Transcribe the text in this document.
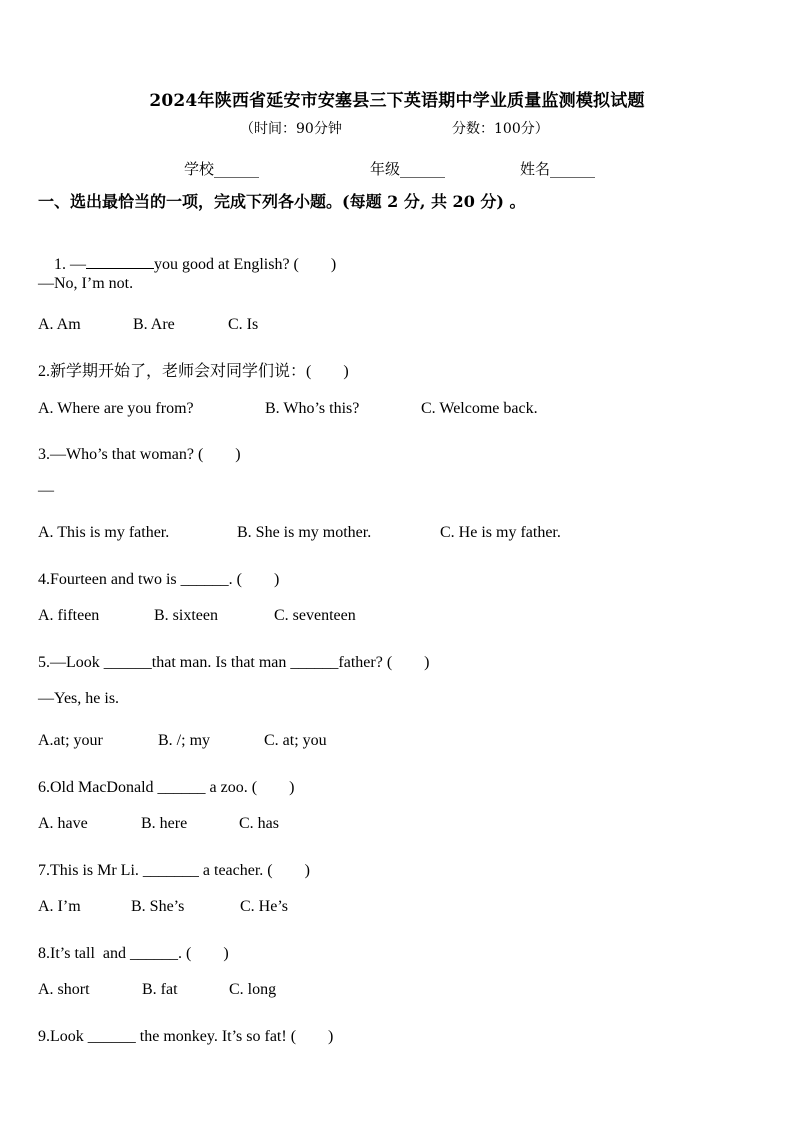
2024年陕西省延安市安塞县三下英语期中学业质量监测模拟试题
（时间：90分钟	分数：100分）
学校______	年级______	姓名______
一、选出最恰当的一项，完成下列各小题。(每题 2 分, 共 20 分) 。

1. —	you good at English? (　　)

—No, I’m not.
A. Am	B. Are	C. Is
2.新学期开始了，老师会对同学们说：(　　)
A. Where are you from?	B. Who’s this?	C. Welcome back.
3.—Who’s that woman? (　　)
—
A. This is my father.	B. She is my mother.	C. He is my father.
4.Fourteen and two is ______. (　　)
A. fifteen	B. sixteen	C. seventeen
5.—Look ______that man. Is that man ______father? (　　)
—Yes, he is.
A.at; your	B. /; my	C. at; you
6.Old MacDonald ______ a zoo. (　　)
A. have	B. here	C. has
7.This is Mr Li. _______ a teacher. (　　)
A. I’m	B. She’s	C. He’s
8.It’s tall  and ______. (　　)
A. short	B. fat	C. long
9.Look ______ the monkey. It’s so fat! (　　)
